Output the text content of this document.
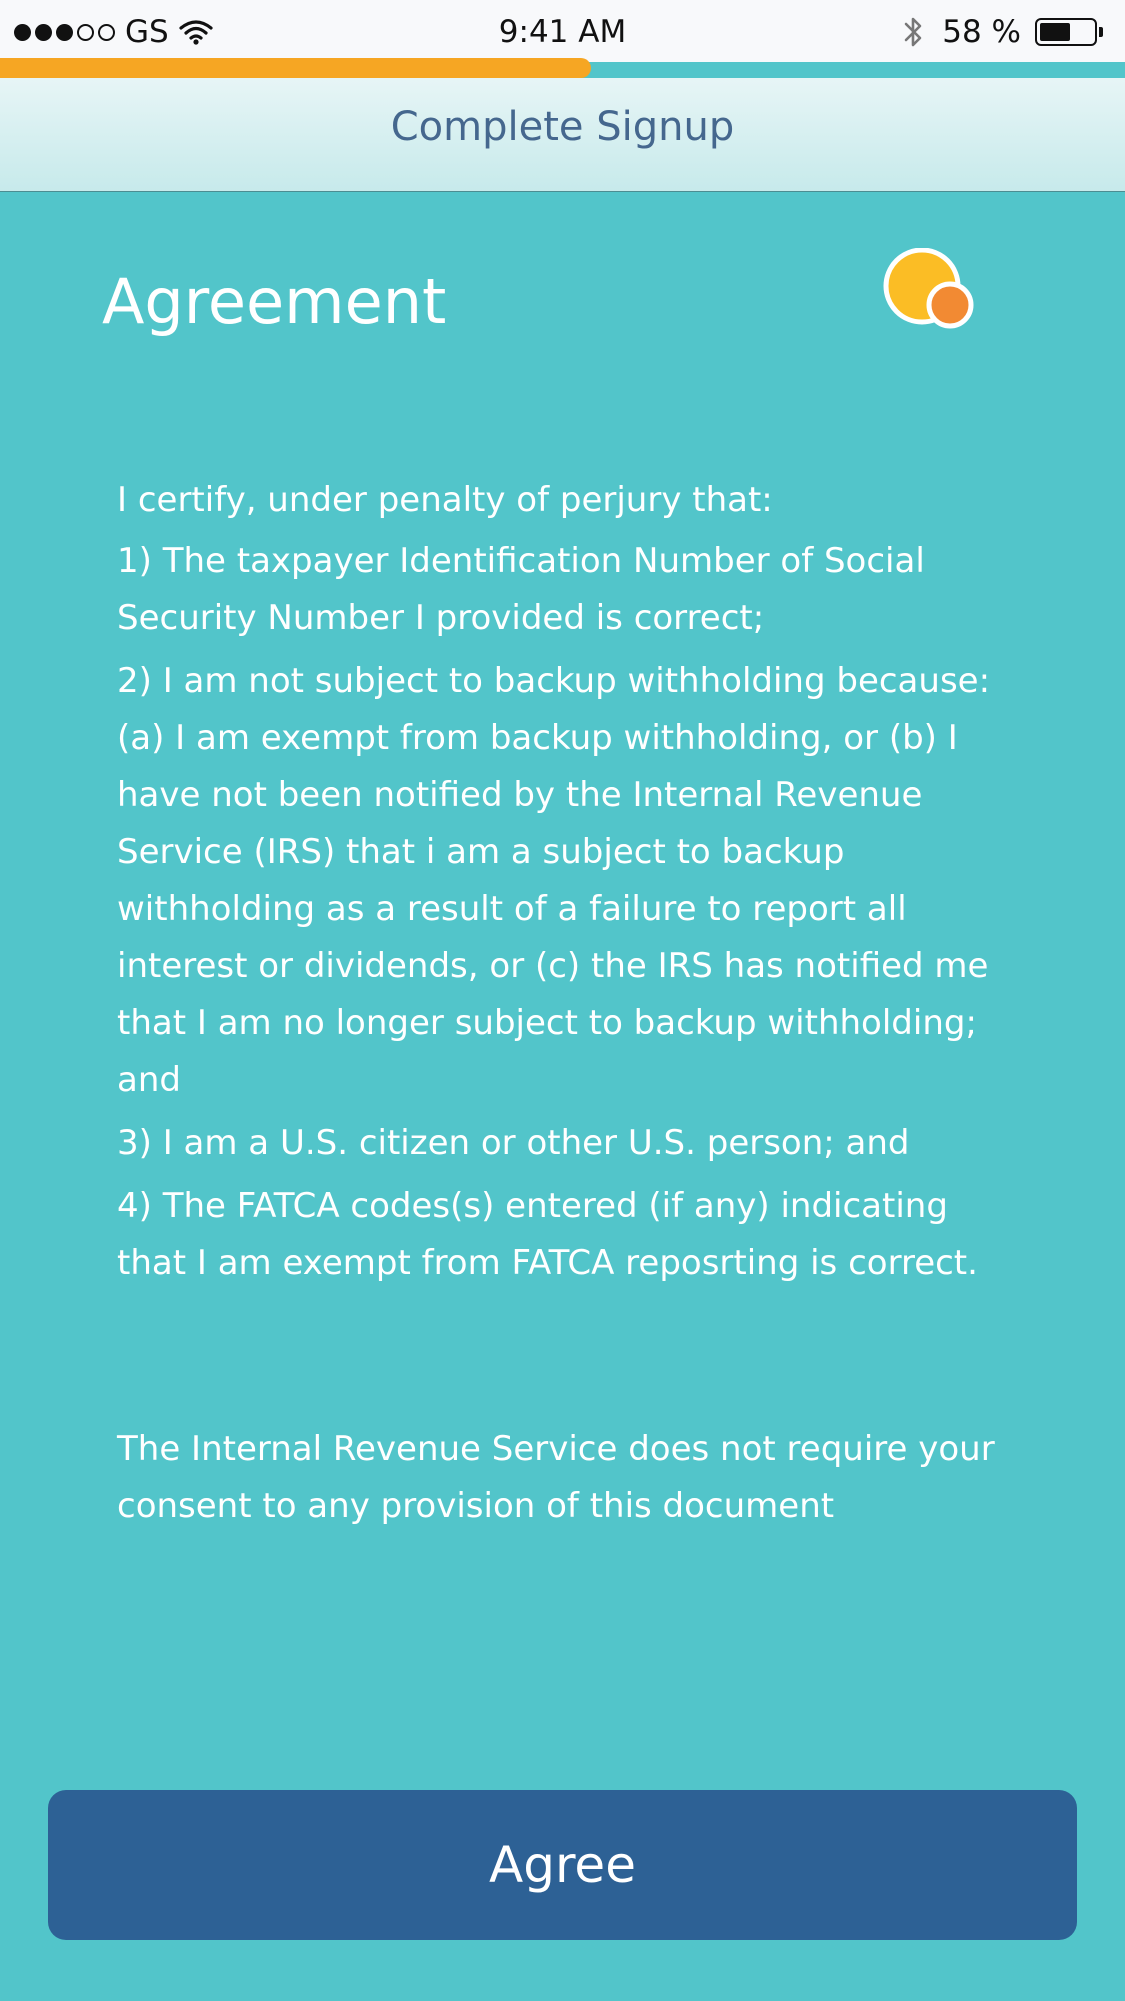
GS	9:41 AM	58 %
Complete Signup
Agreement

I certify, under penalty of perjury that:

1) The taxpayer Identification Number of Social Security Number I provided is correct;

2) I am not subject to backup withholding because: (a) I am exempt from backup withholding, or (b) I have not been notified by the Internal Revenue Service (IRS) that i am a subject to backup withholding as a result of a failure to report all interest or dividends, or (c) the IRS has notified me that I am no longer subject to backup withholding; and

3) I am a U.S. citizen or other U.S. person; and

4) The FATCA codes(s) entered (if any) indicating that I am exempt from FATCA reposrting is correct.

The Internal Revenue Service does not require your consent to any provision of this document

Agree
